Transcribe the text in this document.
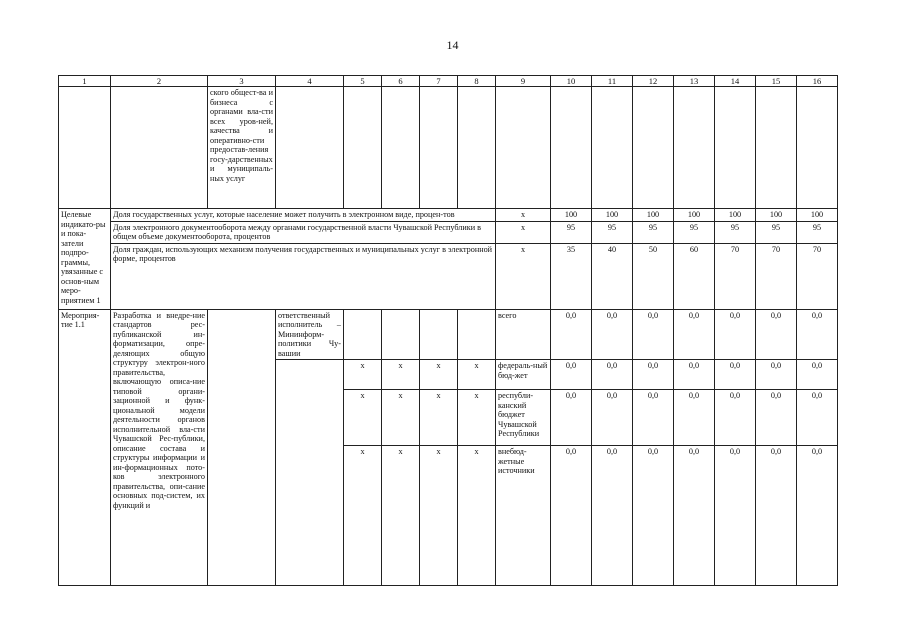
14
1	2	3	4	5	6	7	8	9	10	11	12	13	14	15	16
		ского общест-ва и бизнеса с органами вла-сти всех уров-ней, качества и оперативно-сти предостав-ления госу-дарственных и муниципаль-ных услуг													
Целевые индикато-ры и пока-затели подпро-граммы, увязанные с основ-ным меро-приятием 1	Доля государственных услуг, которые население может получить в электронном виде, процен-тов							x	100	100	100	100	100	100	100
	Доля электронного документооборота между органами государственной власти Чувашской Республики в общем объеме документооборота, процентов							x	95	95	95	95	95	95	95
	Доля граждан, использующих механизм получения государственных и муниципальных услуг в электронной форме, процентов							x	35	40	50	60	70	70	70
Мероприя-тие 1.1	Разработка и внедре-ние стандартов рес-публиканской ин-форматизации, опре-деляющих общую структуру электрон-ного правительства, включающую описа-ние типовой органи-зационной и функ-циональной модели деятельности органов исполнительной вла-сти Чувашской Рес-публики, описание состава и структуры информации и ин-формационных пото-ков электронного правительства, опи-сание основных под-систем, их функций и		ответственный исполнитель – Мининформ-политики Чу-вашии					всего	0,0	0,0	0,0	0,0	0,0	0,0	0,0
				x	x	x	x	федераль-ный бюд-жет	0,0	0,0	0,0	0,0	0,0	0,0	0,0
				x	x	x	x	республи-канский бюджет Чувашской Республики	0,0	0,0	0,0	0,0	0,0	0,0	0,0
				x	x	x	x	внебюд-жетные источники	0,0	0,0	0,0	0,0	0,0	0,0	0,0
